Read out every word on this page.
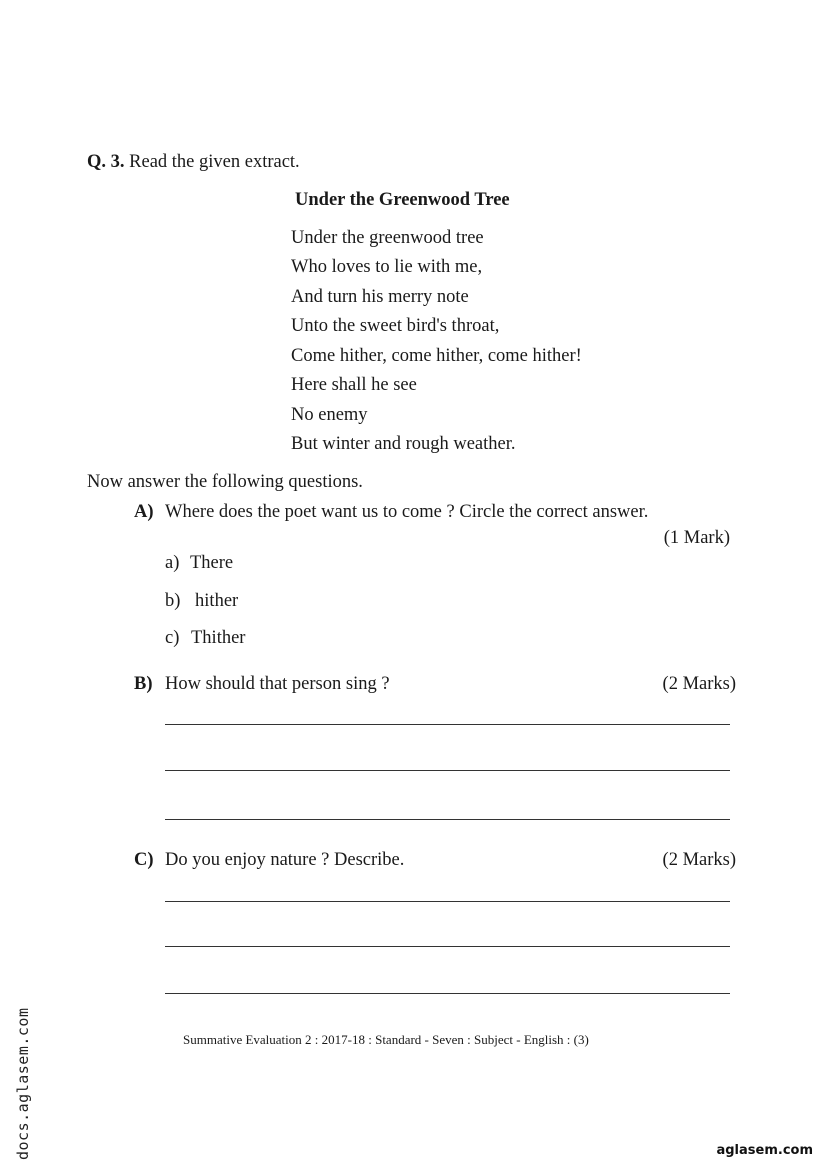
Q. 3. Read the given extract.
Under the Greenwood Tree
Under the greenwood tree
Who loves to lie with me,
And turn his merry note
Unto the sweet bird's throat,
Come hither, come hither, come hither!
Here shall he see
No enemy
But winter and rough weather.
Now answer the following questions.
A) Where does the poet want us to come ? Circle the correct answer.
(1 Mark)
a) There
b) hither
c) Thither
B) How should that person sing ?	(2 Marks)
C) Do you enjoy nature ? Describe.	(2 Marks)
Summative Evaluation 2 : 2017-18 : Standard - Seven : Subject - English : (3)
docs.aglasem.com	aglasem.com
